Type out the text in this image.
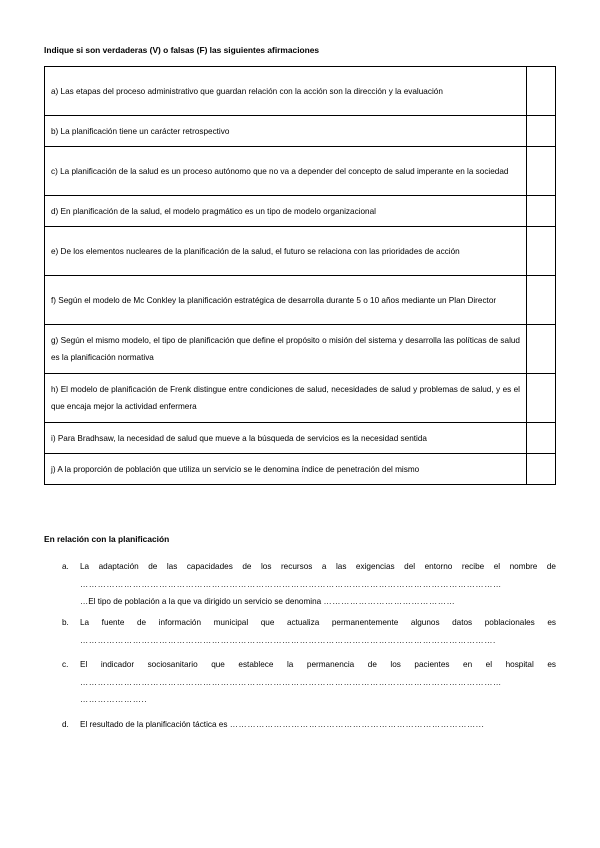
Indique si son verdaderas (V) o falsas (F) las siguientes afirmaciones
a) Las etapas del proceso administrativo que guardan relación con la acción son la dirección y la evaluación	
b) La planificación tiene un carácter retrospectivo	
c) La planificación de la salud es un proceso autónomo que no va a depender del concepto de salud imperante en la sociedad	
d) En planificación de la salud, el modelo pragmático es un tipo de modelo organizacional	
e) De los elementos nucleares de la planificación de la salud, el futuro se relaciona con las prioridades de acción	
f) Según el modelo de Mc Conkley la planificación estratégica de desarrolla durante 5 o 10 años mediante un Plan Director	
g) Según el mismo modelo, el tipo de planificación que define el propósito o misión del sistema y desarrolla las políticas de salud es la planificación normativa	
h) El modelo de planificación de Frenk distingue entre condiciones de salud, necesidades de salud y problemas de salud, y es el que encaja mejor la actividad enfermera	
i) Para Bradhsaw, la necesidad de salud que mueve a la búsqueda de servicios es la necesidad sentida	
j) A la proporción de población que utiliza un servicio se le denomina índice de penetración del mismo	
En relación con la planificación
a. La adaptación de las capacidades de los recursos a las exigencias del entorno recibe el nombre de
………………………………………………………………………………………………………………………………
…El tipo de población a la que va dirigido un servicio se denomina ………………………………………
b. La fuente de información municipal que actualiza permanentemente algunos datos poblacionales es
…………………………………………………………………………………………………………………………….
c. El indicador sociosanitario que establece la permanencia de los pacientes en el hospital es
………………………………………………………………………………………………………………………………
…………………..
d. El resultado de la planificación táctica es …………………………………………………………………………...
